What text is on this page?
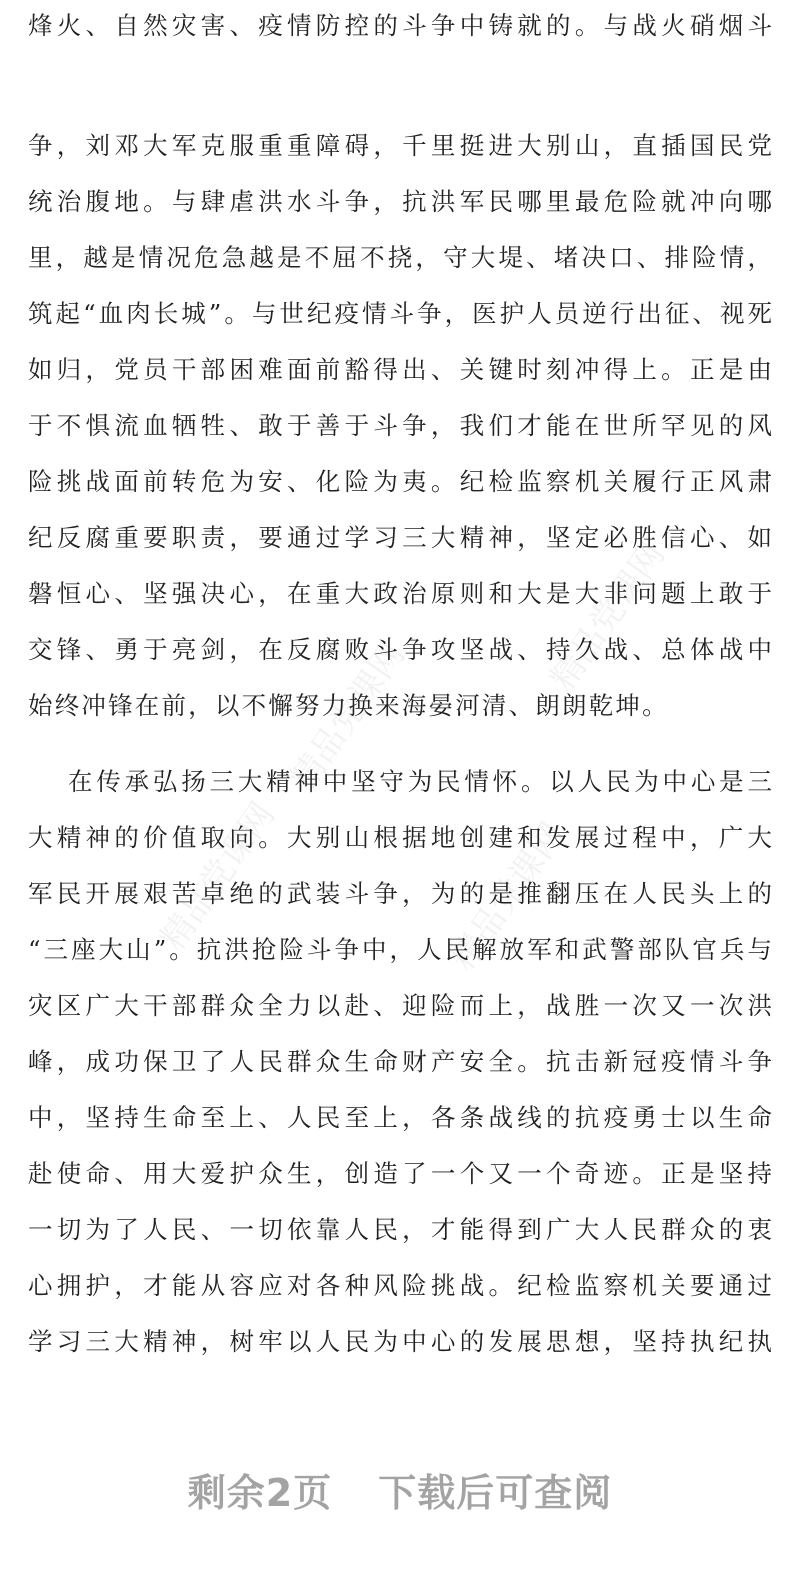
精品党课网
精品党课网
精品党课网
精品党课网
烽火、自然灾害、疫情防控的斗争中铸就的。与战火硝烟斗
争，刘邓大军克服重重障碍，千里挺进大别山，直插国民党
统治腹地。与肆虐洪水斗争，抗洪军民哪里最危险就冲向哪
里，越是情况危急越是不屈不挠，守大堤、堵决口、排险情，
筑起“血肉长城”。与世纪疫情斗争，医护人员逆行出征、视死
如归，党员干部困难面前豁得出、关键时刻冲得上。正是由
于不惧流血牺牲、敢于善于斗争，我们才能在世所罕见的风
险挑战面前转危为安、化险为夷。纪检监察机关履行正风肃
纪反腐重要职责，要通过学习三大精神，坚定必胜信心、如
磐恒心、坚强决心，在重大政治原则和大是大非问题上敢于
交锋、勇于亮剑，在反腐败斗争攻坚战、持久战、总体战中
始终冲锋在前，以不懈努力换来海晏河清、朗朗乾坤。
在传承弘扬三大精神中坚守为民情怀。以人民为中心是三
大精神的价值取向。大别山根据地创建和发展过程中，广大
军民开展艰苦卓绝的武装斗争，为的是推翻压在人民头上的
“三座大山”。抗洪抢险斗争中，人民解放军和武警部队官兵与
灾区广大干部群众全力以赴、迎险而上，战胜一次又一次洪
峰，成功保卫了人民群众生命财产安全。抗击新冠疫情斗争
中，坚持生命至上、人民至上，各条战线的抗疫勇士以生命
赴使命、用大爱护众生，创造了一个又一个奇迹。正是坚持
一切为了人民、一切依靠人民，才能得到广大人民群众的衷
心拥护，才能从容应对各种风险挑战。纪检监察机关要通过
学习三大精神，树牢以人民为中心的发展思想，坚持执纪执
剩余2页 下载后可查阅
